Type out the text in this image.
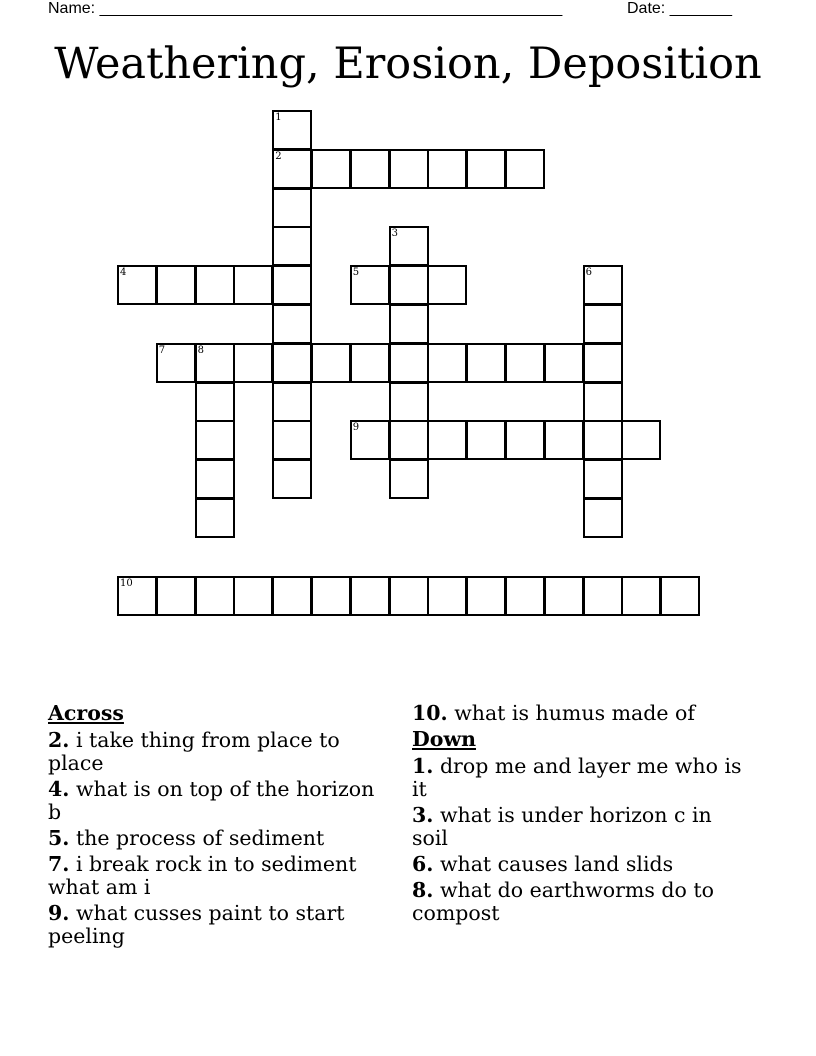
Name: ____________________________________________________	Date: _______
Weathering, Erosion, Deposition
1
2
3
4	5	6
7	8
9
10
Across
2. i take thing from place to place
4. what is on top of the horizon b
5. the process of sediment
7. i break rock in to sediment what am i
9. what cusses paint to start peeling
10. what is humus made of
Down
1. drop me and layer me who is it
3. what is under horizon c in soil
6. what causes land slids
8. what do earthworms do to compost
